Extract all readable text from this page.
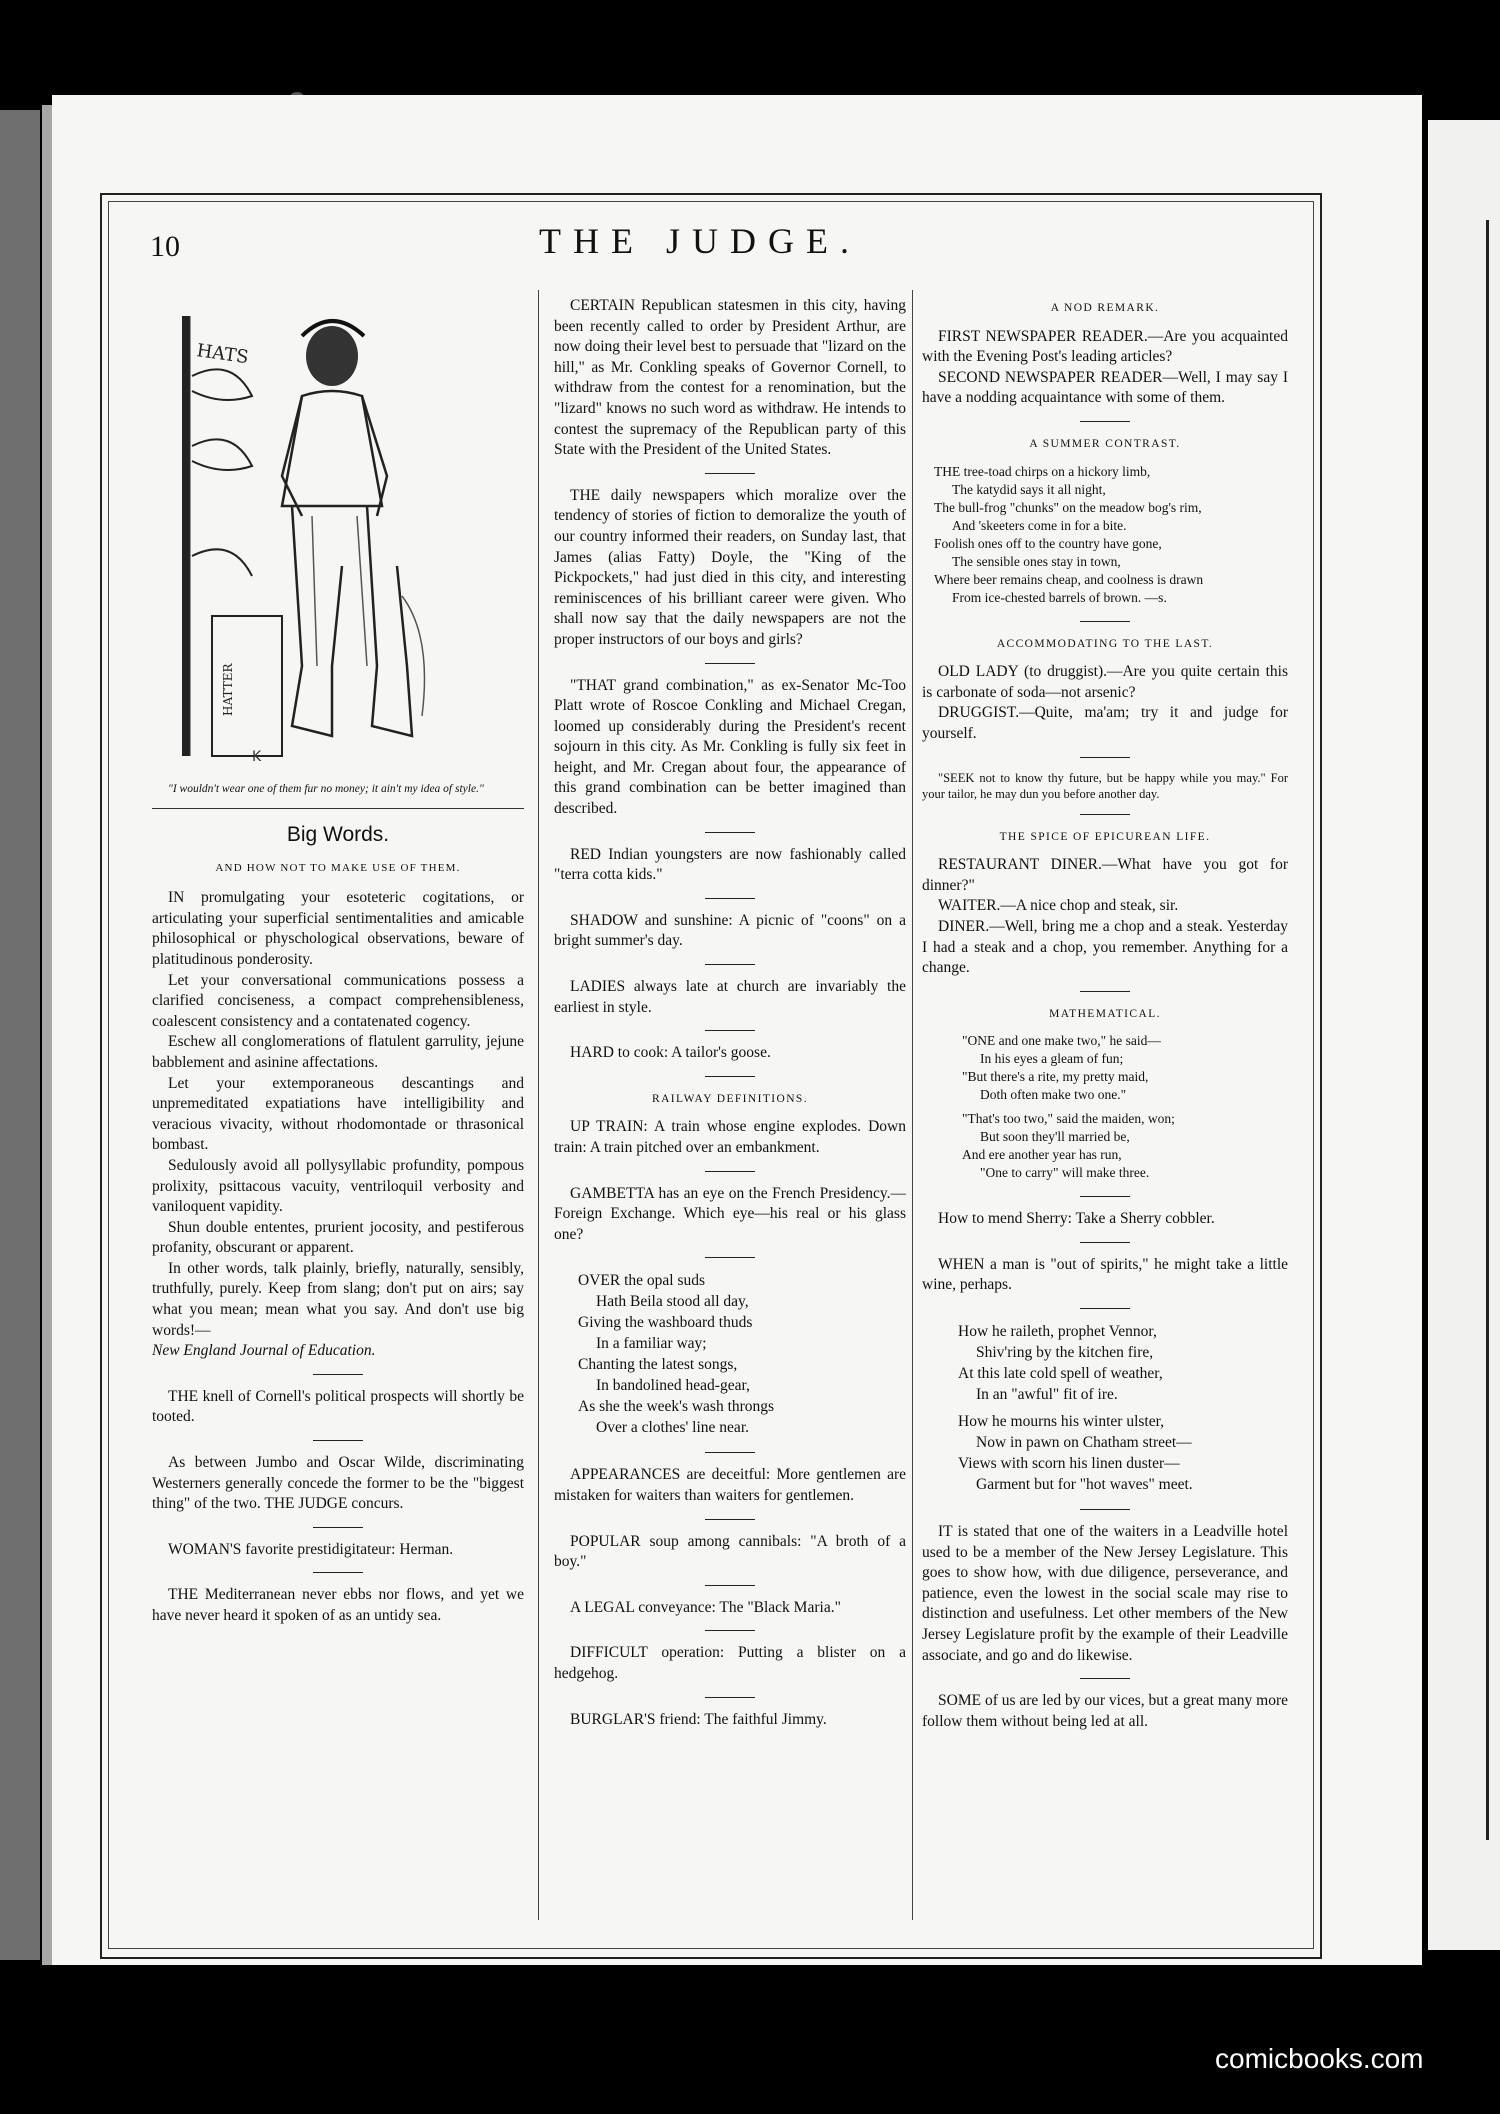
10	THE JUDGE.
HATS
HATTER
K

"I wouldn't wear one of them fur no money; it ain't my idea of style."

Big Words.
AND HOW NOT TO MAKE USE OF THEM.

IN promulgating your esoteteric cogitations, or articulating your superficial sentimentalities and amicable philosophical or physchological observations, beware of platitudinous ponderosity.

Let your conversational communications possess a clarified conciseness, a compact comprehensibleness, coalescent consistency and a contatenated cogency.

Eschew all conglomerations of flatulent garrulity, jejune babblement and asinine affectations.

Let your extemporaneous descantings and unpremeditated expatiations have intelligibility and veracious vivacity, without rhodomontade or thrasonical bombast.

Sedulously avoid all pollysyllabic profundity, pompous prolixity, psittacous vacuity, ventriloquil verbosity and vaniloquent vapidity.

Shun double ententes, prurient jocosity, and pestiferous profanity, obscurant or apparent.

In other words, talk plainly, briefly, naturally, sensibly, truthfully, purely. Keep from slang; don't put on airs; say what you mean; mean what you say. And don't use big words!—

New England Journal of Education.

THE knell of Cornell's political prospects will shortly be tooted.

As between Jumbo and Oscar Wilde, discriminating Westerners generally concede the former to be the "biggest thing" of the two. THE JUDGE concurs.

WOMAN'S favorite prestidigitateur: Herman.

THE Mediterranean never ebbs nor flows, and yet we have never heard it spoken of as an untidy sea.

CERTAIN Republican statesmen in this city, having been recently called to order by President Arthur, are now doing their level best to persuade that "lizard on the hill," as Mr. Conkling speaks of Governor Cornell, to withdraw from the contest for a renomination, but the "lizard" knows no such word as withdraw. He intends to contest the supremacy of the Republican party of this State with the President of the United States.

THE daily newspapers which moralize over the tendency of stories of fiction to demoralize the youth of our country informed their readers, on Sunday last, that James (alias Fatty) Doyle, the "King of the Pickpockets," had just died in this city, and interesting reminiscences of his brilliant career were given. Who shall now say that the daily newspapers are not the proper instructors of our boys and girls?

"THAT grand combination," as ex-Senator Mc-Too Platt wrote of Roscoe Conkling and Michael Cregan, loomed up considerably during the President's recent sojourn in this city. As Mr. Conkling is fully six feet in height, and Mr. Cregan about four, the appearance of this grand combination can be better imagined than described.

RED Indian youngsters are now fashionably called "terra cotta kids."

SHADOW and sunshine: A picnic of "coons" on a bright summer's day.

LADIES always late at church are invariably the earliest in style.

HARD to cook: A tailor's goose.

RAILWAY DEFINITIONS.

UP TRAIN: A train whose engine explodes. Down train: A train pitched over an embankment.

GAMBETTA has an eye on the French Presidency.—Foreign Exchange. Which eye—his real or his glass one?

OVER the opal suds
Hath Beila stood all day,
Giving the washboard thuds
In a familiar way;
Chanting the latest songs,
In bandolined head-gear,
As she the week's wash throngs
Over a clothes' line near.

APPEARANCES are deceitful: More gentlemen are mistaken for waiters than waiters for gentlemen.

POPULAR soup among cannibals: "A broth of a boy."

A LEGAL conveyance: The "Black Maria."

DIFFICULT operation: Putting a blister on a hedgehog.

BURGLAR'S friend: The faithful Jimmy.

A NOD REMARK.

FIRST NEWSPAPER READER.—Are you acquainted with the Evening Post's leading articles?

SECOND NEWSPAPER READER—Well, I may say I have a nodding acquaintance with some of them.

A SUMMER CONTRAST.
THE tree-toad chirps on a hickory limb,
The katydid says it all night,
The bull-frog "chunks" on the meadow bog's rim,
And 'skeeters come in for a bite.
Foolish ones off to the country have gone,
The sensible ones stay in town,
Where beer remains cheap, and coolness is drawn
From ice-chested barrels of brown. —s.
ACCOMMODATING TO THE LAST.

OLD LADY (to druggist).—Are you quite certain this is carbonate of soda—not arsenic?

DRUGGIST.—Quite, ma'am; try it and judge for yourself.

"SEEK not to know thy future, but be happy while you may." For your tailor, he may dun you before another day.

THE SPICE OF EPICUREAN LIFE.

RESTAURANT DINER.—What have you got for dinner?"

WAITER.—A nice chop and steak, sir.

DINER.—Well, bring me a chop and a steak. Yesterday I had a steak and a chop, you remember. Anything for a change.

MATHEMATICAL.
"ONE and one make two," he said—
In his eyes a gleam of fun;
"But there's a rite, my pretty maid,
Doth often make two one."
"That's too two," said the maiden, won;
But soon they'll married be,
And ere another year has run,
"One to carry" will make three.

How to mend Sherry: Take a Sherry cobbler.

WHEN a man is "out of spirits," he might take a little wine, perhaps.

How he raileth, prophet Vennor,
Shiv'ring by the kitchen fire,
At this late cold spell of weather,
In an "awful" fit of ire.
How he mourns his winter ulster,
Now in pawn on Chatham street—
Views with scorn his linen duster—
Garment but for "hot waves" meet.

IT is stated that one of the waiters in a Leadville hotel used to be a member of the New Jersey Legislature. This goes to show how, with due diligence, perseverance, and patience, even the lowest in the social scale may rise to distinction and usefulness. Let other members of the New Jersey Legislature profit by the example of their Leadville associate, and go and do likewise.

SOME of us are led by our vices, but a great many more follow them without being led at all.

comicbooks.com
